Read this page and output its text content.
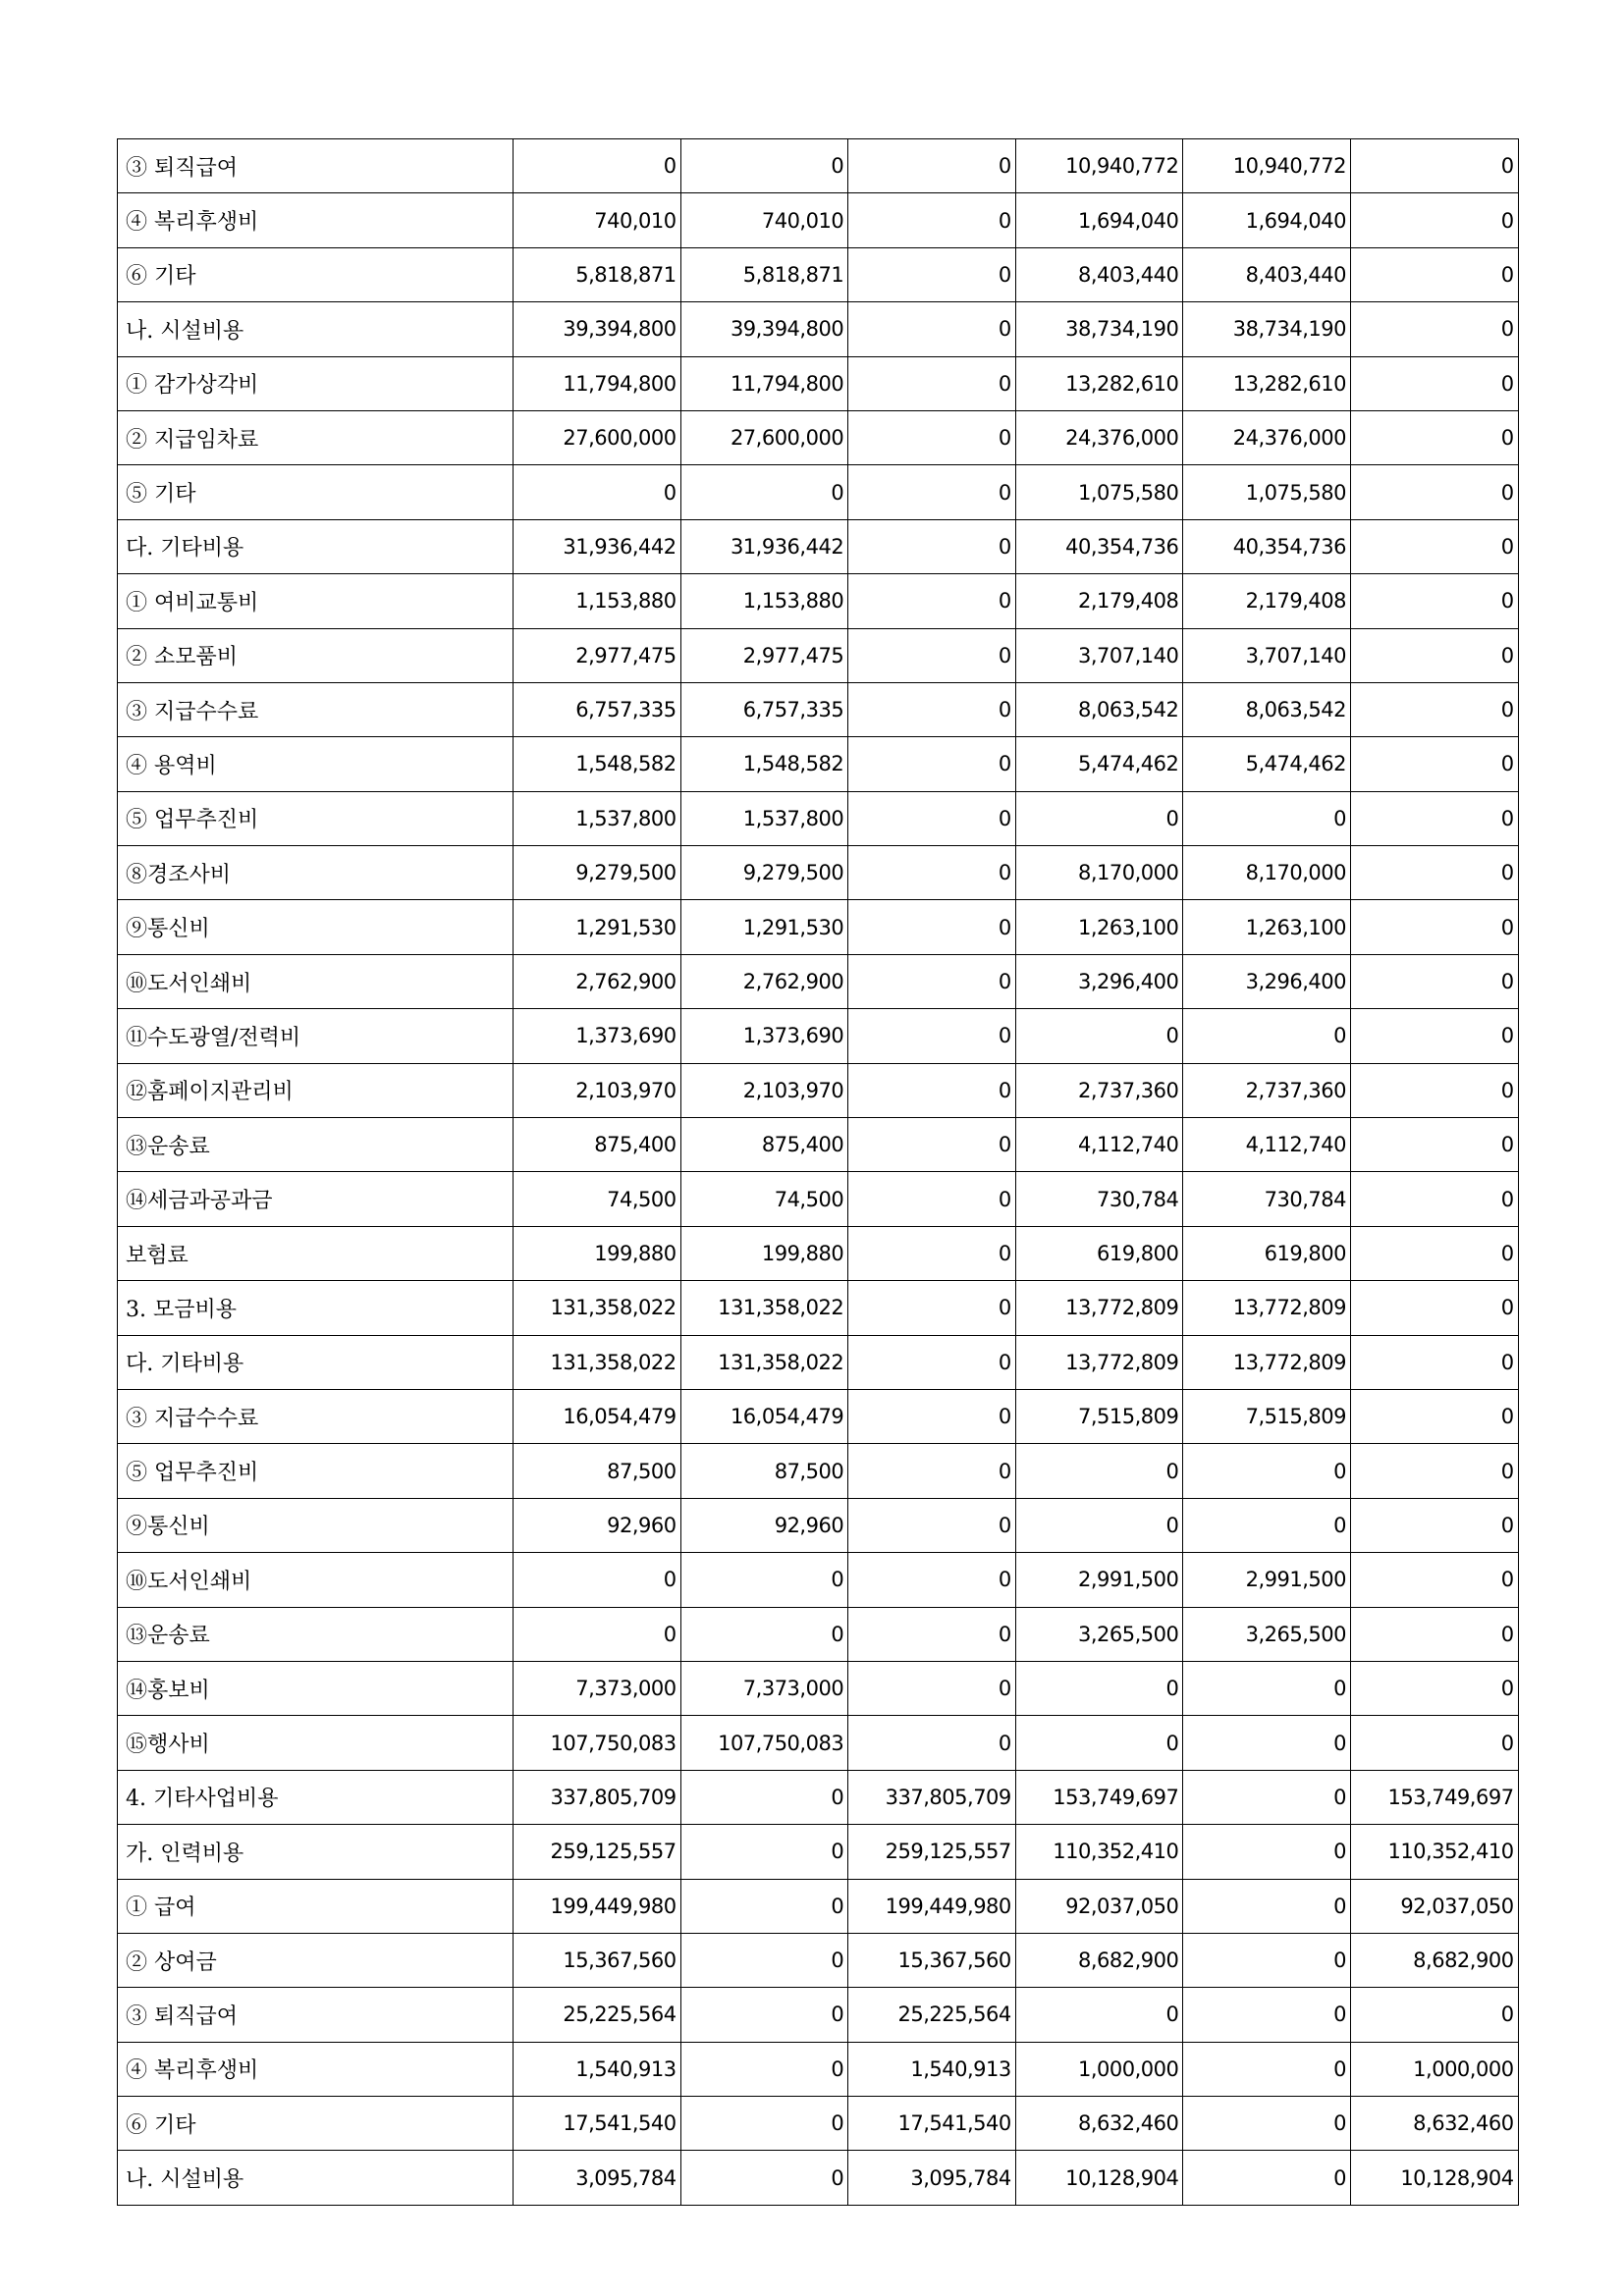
③ 퇴직급여	0	0	0	10,940,772	10,940,772	0
④ 복리후생비	740,010	740,010	0	1,694,040	1,694,040	0
⑥ 기타	5,818,871	5,818,871	0	8,403,440	8,403,440	0
나. 시설비용	39,394,800	39,394,800	0	38,734,190	38,734,190	0
① 감가상각비	11,794,800	11,794,800	0	13,282,610	13,282,610	0
② 지급임차료	27,600,000	27,600,000	0	24,376,000	24,376,000	0
⑤ 기타	0	0	0	1,075,580	1,075,580	0
다. 기타비용	31,936,442	31,936,442	0	40,354,736	40,354,736	0
① 여비교통비	1,153,880	1,153,880	0	2,179,408	2,179,408	0
② 소모품비	2,977,475	2,977,475	0	3,707,140	3,707,140	0
③ 지급수수료	6,757,335	6,757,335	0	8,063,542	8,063,542	0
④ 용역비	1,548,582	1,548,582	0	5,474,462	5,474,462	0
⑤ 업무추진비	1,537,800	1,537,800	0	0	0	0
⑧경조사비	9,279,500	9,279,500	0	8,170,000	8,170,000	0
⑨통신비	1,291,530	1,291,530	0	1,263,100	1,263,100	0
⑩도서인쇄비	2,762,900	2,762,900	0	3,296,400	3,296,400	0
⑪수도광열/전력비	1,373,690	1,373,690	0	0	0	0
⑫홈페이지관리비	2,103,970	2,103,970	0	2,737,360	2,737,360	0
⑬운송료	875,400	875,400	0	4,112,740	4,112,740	0
⑭세금과공과금	74,500	74,500	0	730,784	730,784	0
보험료	199,880	199,880	0	619,800	619,800	0
3. 모금비용	131,358,022	131,358,022	0	13,772,809	13,772,809	0
다. 기타비용	131,358,022	131,358,022	0	13,772,809	13,772,809	0
③ 지급수수료	16,054,479	16,054,479	0	7,515,809	7,515,809	0
⑤ 업무추진비	87,500	87,500	0	0	0	0
⑨통신비	92,960	92,960	0	0	0	0
⑩도서인쇄비	0	0	0	2,991,500	2,991,500	0
⑬운송료	0	0	0	3,265,500	3,265,500	0
⑭홍보비	7,373,000	7,373,000	0	0	0	0
⑮행사비	107,750,083	107,750,083	0	0	0	0
4. 기타사업비용	337,805,709	0	337,805,709	153,749,697	0	153,749,697
가. 인력비용	259,125,557	0	259,125,557	110,352,410	0	110,352,410
① 급여	199,449,980	0	199,449,980	92,037,050	0	92,037,050
② 상여금	15,367,560	0	15,367,560	8,682,900	0	8,682,900
③ 퇴직급여	25,225,564	0	25,225,564	0	0	0
④ 복리후생비	1,540,913	0	1,540,913	1,000,000	0	1,000,000
⑥ 기타	17,541,540	0	17,541,540	8,632,460	0	8,632,460
나. 시설비용	3,095,784	0	3,095,784	10,128,904	0	10,128,904
